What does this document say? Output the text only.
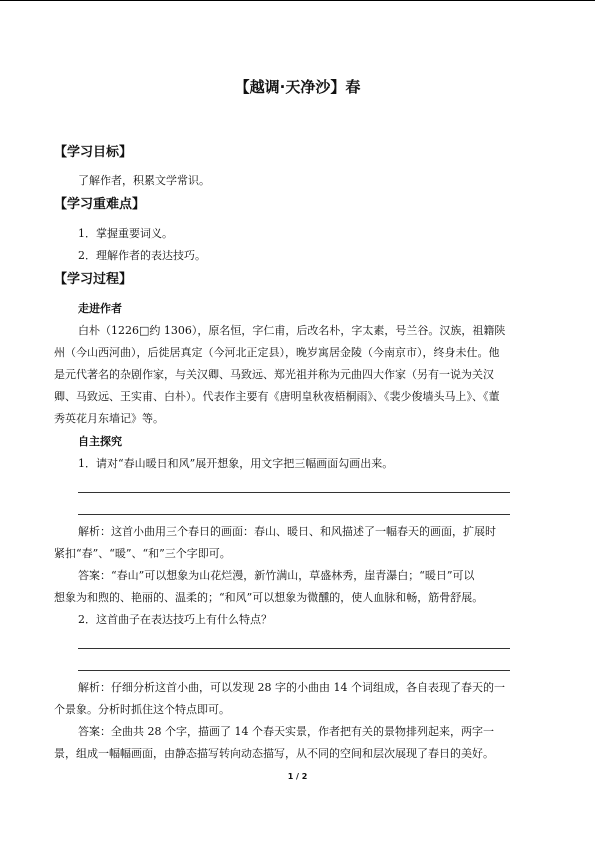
【越调·天净沙】春
【学习目标】
了解作者，积累文学常识。
【学习重难点】
1．掌握重要词义。
2．理解作者的表达技巧。
【学习过程】
走进作者
白朴（1226□约 1306），原名恒，字仁甫，后改名朴，字太素，号兰谷。汉族，祖籍陕
州（今山西河曲），后徙居真定（今河北正定县），晚岁寓居金陵（今南京市），终身未仕。他
是元代著名的杂剧作家，与关汉卿、马致远、郑光祖并称为元曲四大作家（另有一说为关汉
卿、马致远、王实甫、白朴）。代表作主要有《唐明皇秋夜梧桐雨》、《裴少俊墙头马上》、《董
秀英花月东墙记》等。
自主探究
1．请对“春山暖日和风”展开想象，用文字把三幅画面勾画出来。
解析：这首小曲用三个春日的画面：春山、暖日、和风描述了一幅春天的画面，扩展时
紧扣“春”、“暖”、“和”三个字即可。
答案：“春山”可以想象为山花烂漫，新竹满山，草盛林秀，崖青瀑白；“暖日”可以
想象为和煦的、艳丽的、温柔的；“和风”可以想象为微醺的，使人血脉和畅，筋骨舒展。
2．这首曲子在表达技巧上有什么特点？
解析：仔细分析这首小曲，可以发现 28 字的小曲由 14 个词组成，各自表现了春天的一
个景象。分析时抓住这个特点即可。
答案：全曲共 28 个字，描画了 14 个春天实景，作者把有关的景物排列起来，两字一
景，组成一幅幅画面，由静态描写转向动态描写，从不同的空间和层次展现了春日的美好。
1 / 2
